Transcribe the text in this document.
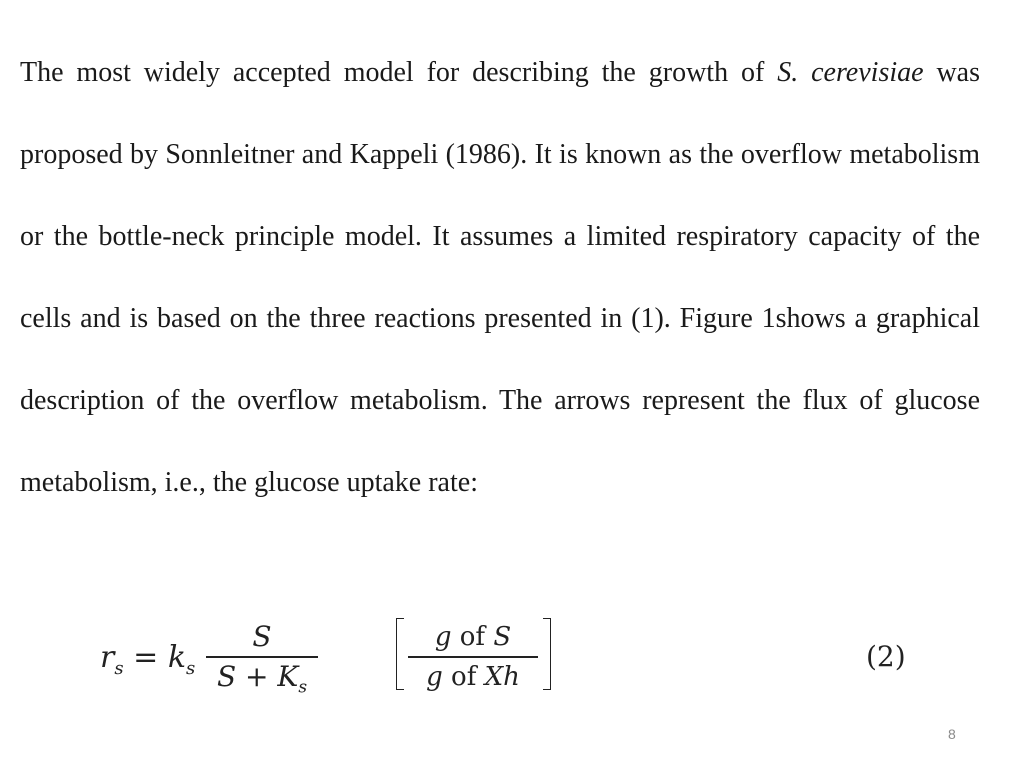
The most widely accepted model for describing the growth of S. cerevisiae was proposed by Sonnleitner and Kappeli (1986). It is known as the overflow metabolism or the bottle-neck principle model. It assumes a limited respiratory capacity of the cells and is based on the three reactions presented in (1). Figure 1shows a graphical description of the overflow metabolism. The arrows represent the flux of glucose metabolism, i.e., the glucose uptake rate:

$r_s = k_s$
S
$S + K_s$
g of S
g of Xh
(2)
8
